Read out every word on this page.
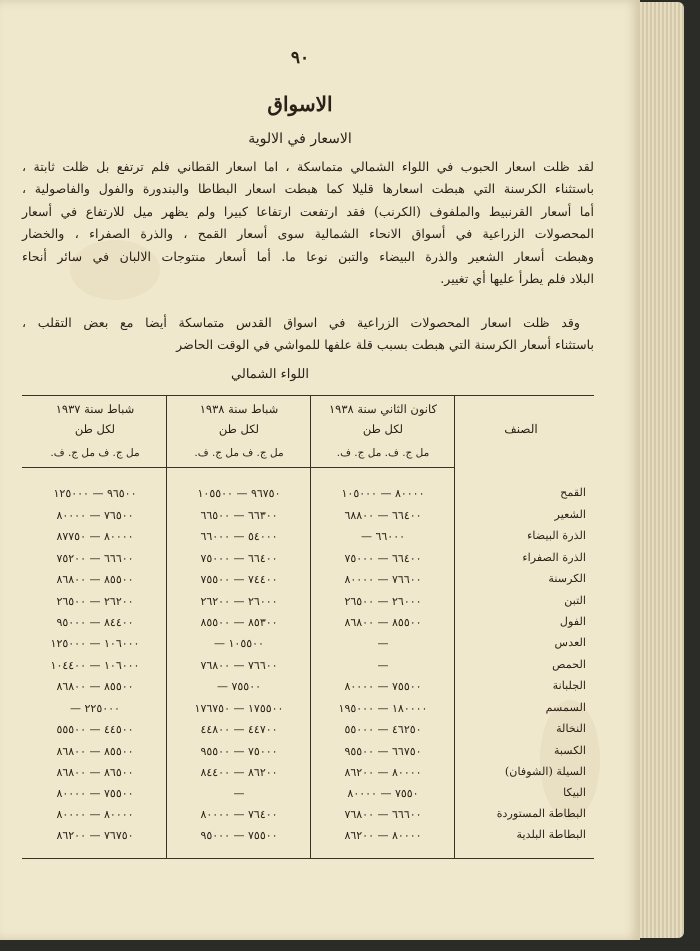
٩٠
الاسواق
الاسعار في الالوية
لقد ظلت اسعار الحبوب في اللواء الشمالي متماسكة ، اما اسعار القطاني فلم ترتفع بل ظلت ثابتة ،
باستثناء الكرسنة التي هبطت اسعارها قليلا كما هبطت اسعار البطاطا والبندورة والفول والفاصولية ،
أما أسعار القرنبيط والملفوف (الكرنب) فقد ارتفعت ارتفاعا كبيرا ولم يظهر ميل للارتفاع في أسعار
المحصولات الزراعية في أسواق الانحاء الشمالية سوى أسعار القمح ، والذرة الصفراء ، والخضار
وهبطت أسعار الشعير والذرة البيضاء والتبن نوعا ما. أما أسعار منتوجات الالبان في سائر أنحاء
البلاد فلم يطرأ عليها أي تغيير.
وقد ظلت اسعار المحصولات الزراعية في اسواق القدس متماسكة أيضا مع بعض التقلب ،
باستثناء أسعار الكرسنة التي هبطت بسبب قلة علفها للمواشي في الوقت الحاضر
اللواء الشمالي
الصنف
كانون الثاني سنة ١٩٣٨
لكل طن
مل ج. ف. مل ج. ف.
شباط سنة ١٩٣٨
لكل طن
مل ج. ف مل ج. ف.
شباط سنة ١٩٣٧
لكل طن
مل ج. ف مل ج. ف.
القمح
٨٠٠٠٠ — ١٠٥٠٠٠
٩٦٧٥٠ — ١٠٥٥٠٠
٩٦٥٠٠ — ١٢٥٠٠٠
الشعير
٦٦٤٠٠ — ٦٨٨٠٠
٦٦٣٠٠ — ٦٦٥٠٠
٧٦٥٠٠ — ٨٠٠٠٠
الذرة البيضاء
٦٦٠٠٠ —
٥٤٠٠٠ — ٦٦٠٠٠
٨٠٠٠٠ — ٨٧٧٥٠
الذرة الصفراء
٦٦٤٠٠ — ٧٥٠٠٠
٦٦٤٠٠ — ٧٥٠٠٠
٦٦٦٠٠ — ٧٥٢٠٠
الكرسنة
٧٦٦٠٠ — ٨٠٠٠٠
٧٤٤٠٠ — ٧٥٥٠٠
٨٥٥٠٠ — ٨٦٨٠٠
التبن
٢٦٠٠٠ — ٢٦٥٠٠
٢٦٠٠٠ — ٢٦٢٠٠
٢٦٢٠٠ — ٢٦٥٠٠
الفول
٨٥٥٠٠ — ٨٦٨٠٠
٨٥٣٠٠ — ٨٥٥٠٠
٨٤٤٠٠ — ٩٥٠٠٠
العدس
—
١٠٥٥٠٠ —
١٠٦٠٠٠ — ١٢٥٠٠٠
الحمص
—
٧٦٦٠٠ — ٧٦٨٠٠
١٠٦٠٠٠ — ١٠٤٤٠٠
الجلبانة
٧٥٥٠٠ — ٨٠٠٠٠
٧٥٥٠٠ —
٨٥٥٠٠ — ٨٦٨٠٠
السمسم
١٨٠٠٠٠ — ١٩٥٠٠٠
١٧٥٥٠٠ — ١٧٦٧٥٠
٢٢٥٠٠٠ —
النخالة
٤٦٢٥٠ — ٥٥٠٠٠
٤٤٧٠٠ — ٤٤٨٠٠
٤٤٥٠٠ — ٥٥٥٠٠
الكسبة
٦٦٧٥٠ — ٩٥٥٠٠
٧٥٠٠٠ — ٩٥٥٠٠
٨٥٥٠٠ — ٨٦٨٠٠
السيلة (الشوفان)
٨٠٠٠٠ — ٨٦٢٠٠
٨٦٢٠٠ — ٨٤٤٠٠
٨٦٥٠٠ — ٨٦٨٠٠
البيكا
٧٥٥٠ — ٨٠٠٠٠
—
٧٥٥٠٠ — ٨٠٠٠٠
البطاطة المستوردة
٦٦٦٠٠ — ٧٦٨٠٠
٧٦٤٠٠ — ٨٠٠٠٠
٨٠٠٠٠ — ٨٠٠٠٠
البطاطة البلدية
٨٠٠٠٠ — ٨٦٢٠٠
٧٥٥٠٠ — ٩٥٠٠٠
٧٦٧٥٠ — ٨٦٢٠٠
